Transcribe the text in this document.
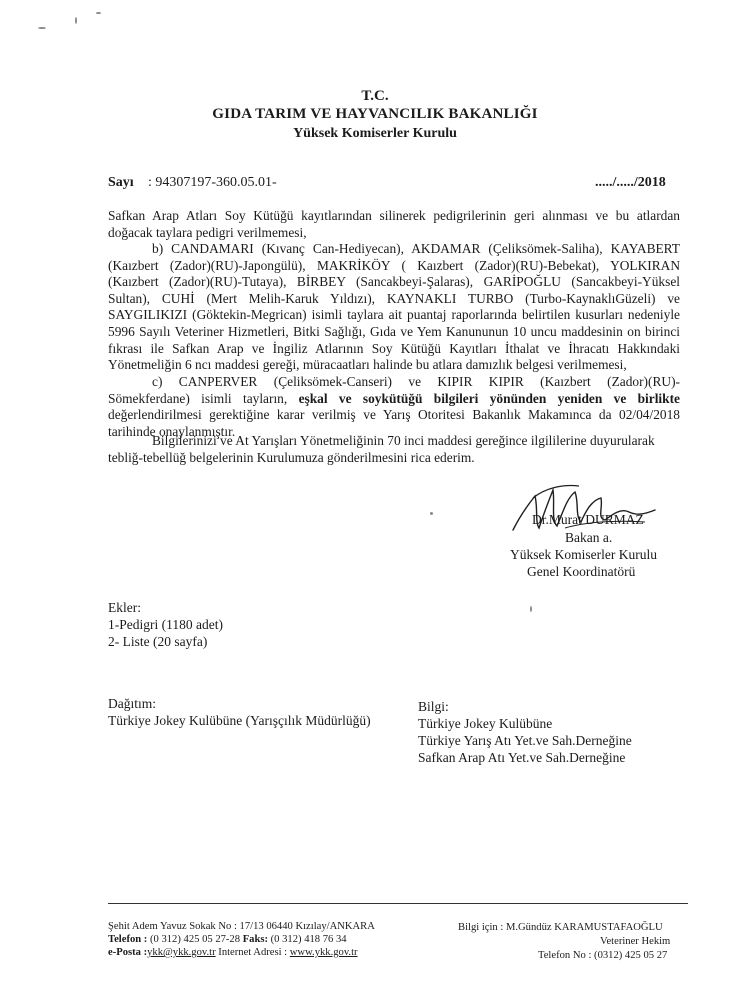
T.C.
GIDA TARIM VE HAYVANCILIK BAKANLIĞI
Yüksek Komiserler Kurulu
Sayı : 94307197-360.05.01-	...../...../2018
Safkan Arap Atları Soy Kütüğü kayıtlarından silinerek pedigrilerinin geri alınması ve bu atlardan
doğacak taylara pedigri verilmemesi,
b) CANDAMARI (Kıvanç Can-Hediyecan), AKDAMAR (Çeliksömek-Saliha), KAYABERT
(Kaızbert (Zador)(RU)-Japongülü), MAKRİKÖY ( Kaızbert (Zador)(RU)-Bebekat), YOLKIRAN
(Kaızbert (Zador)(RU)-Tutaya), BİRBEY (Sancakbeyi-Şalaras), GARİPOĞLU (Sancakbeyi-Yüksel
Sultan), CUHİ (Mert Melih-Karuk Yıldızı), KAYNAKLI TURBO (Turbo-KaynaklıGüzeli) ve
SAYGILIKIZI (Göktekin-Megrican) isimli taylara ait puantaj raporlarında belirtilen kusurları nedeniyle
5996 Sayılı Veteriner Hizmetleri, Bitki Sağlığı, Gıda ve Yem Kanununun 10 uncu maddesinin on birinci
fıkrası ile Safkan Arap ve İngiliz Atlarının Soy Kütüğü Kayıtları İthalat ve İhracatı Hakkındaki
Yönetmeliğin 6 ncı maddesi gereği, müracaatları halinde bu atlara damızlık belgesi verilmemesi,
c) CANPERVER (Çeliksömek-Canseri) ve KIPIR KIPIR (Kaızbert (Zador)(RU)-
Sömekferdane) isimli tayların, eşkal ve soykütüğü bilgileri yönünden yeniden ve birlikte
değerlendirilmesi gerektiğine karar verilmiş ve Yarış Otoritesi Bakanlık Makamınca da 02/04/2018
tarihinde onaylanmıştır.
Bilgilerinizi ve At Yarışları Yönetmeliğinin 70 inci maddesi gereğince ilgililerine duyurularak
tebliğ-tebellüğ belgelerinin Kurulumuza gönderilmesini rica ederim.
Dr.Murat DURMAZ
Bakan a.
Yüksek Komiserler Kurulu
Genel Koordinatörü
Ekler:
1-Pedigri (1180 adet)
2- Liste (20 sayfa)
Dağıtım:
Türkiye Jokey Kulübüne (Yarışçılık Müdürlüğü)
Bilgi:
Türkiye Jokey Kulübüne
Türkiye Yarış Atı Yet.ve Sah.Derneğine
Safkan Arap Atı Yet.ve Sah.Derneğine
Şehit Adem Yavuz Sokak No : 17/13 06440 Kızılay/ANKARA
Telefon : (0 312) 425 05 27-28 Faks: (0 312) 418 76 34
e-Posta :ykk@ykk.gov.tr Internet Adresi : www.ykk.gov.tr
Bilgi için : M.Gündüz KARAMUSTAFAOĞLU
Veteriner Hekim
Telefon No : (0312) 425 05 27
